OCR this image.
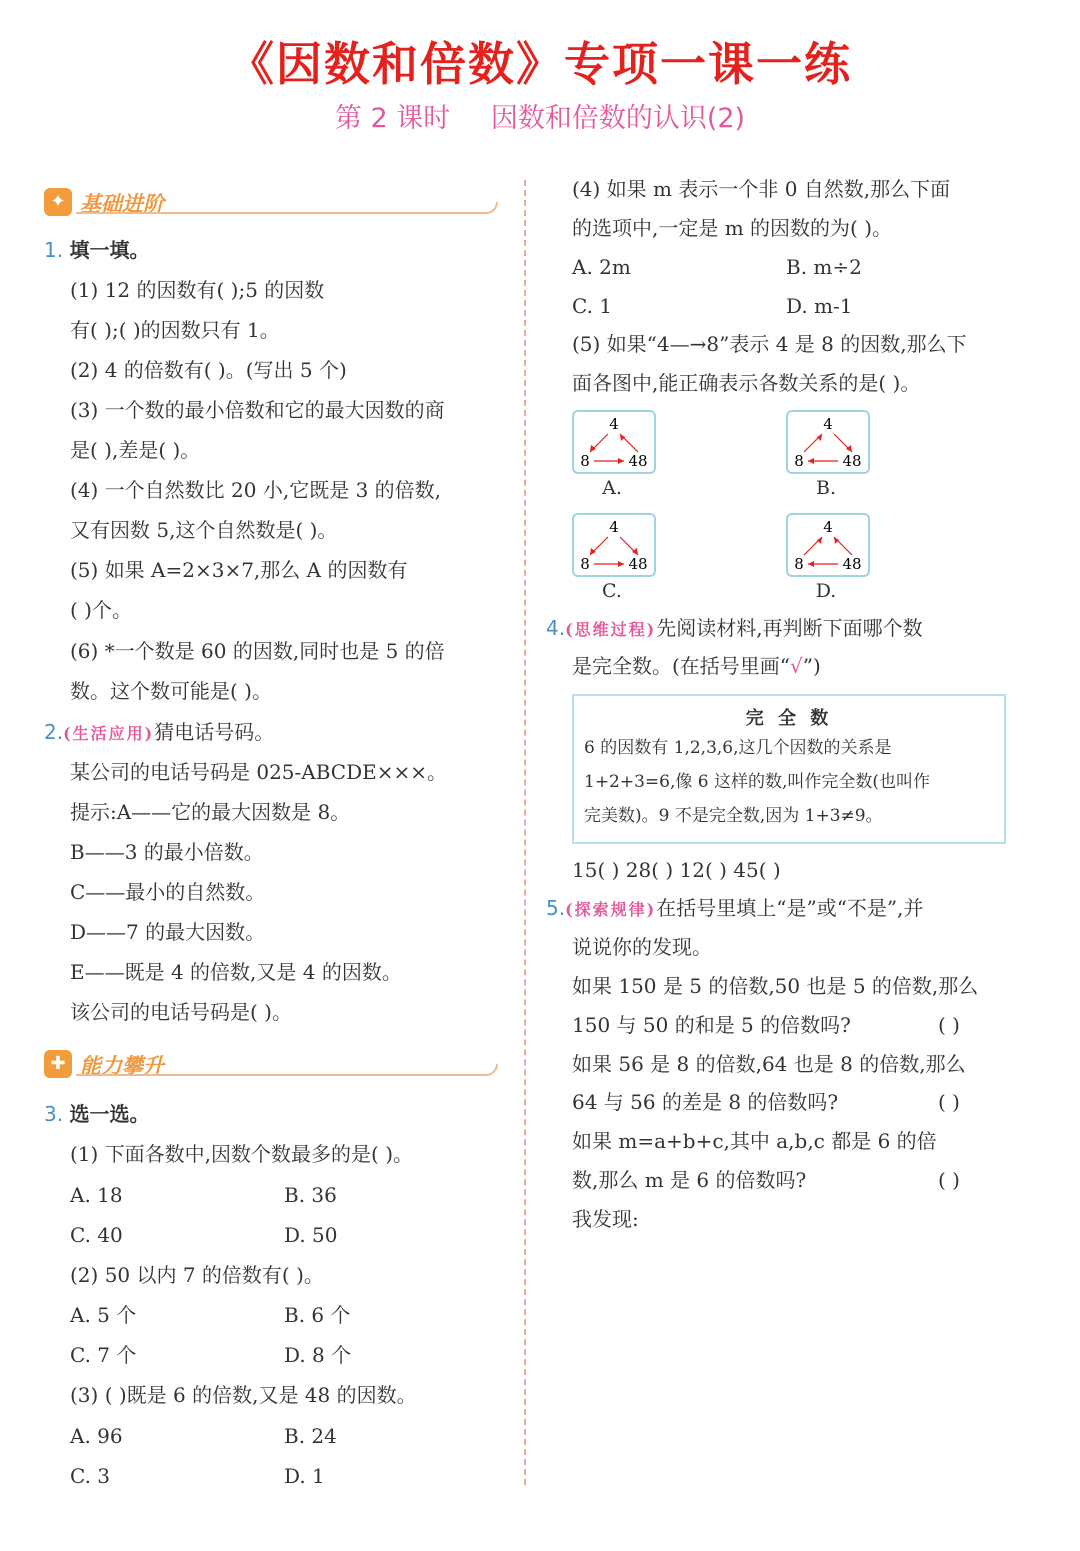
《因数和倍数》专项一课一练
第 2 课时 因数和倍数的认识(2)
✦ 基础进阶
1. 填一填。
(1) 12 的因数有( );5 的因数
有( );( )的因数只有 1。
(2) 4 的倍数有( )。(写出 5 个)
(3) 一个数的最小倍数和它的最大因数的商
是( ),差是( )。
(4) 一个自然数比 20 小,它既是 3 的倍数,
又有因数 5,这个自然数是( )。
(5) 如果 A=2×3×7,那么 A 的因数有
( )个。
(6) *一个数是 60 的因数,同时也是 5 的倍
数。这个数可能是( )。
2.(生活应用)猜电话号码。
某公司的电话号码是 025-ABCDE×××。
提示:A——它的最大因数是 8。
B——3 的最小倍数。
C——最小的自然数。
D——7 的最大因数。
E——既是 4 的倍数,又是 4 的因数。
该公司的电话号码是( )。
✚ 能力攀升
3. 选一选。
(1) 下面各数中,因数个数最多的是( )。
A. 18	B. 36
C. 40	D. 50
(2) 50 以内 7 的倍数有( )。
A. 5 个	B. 6 个
C. 7 个	D. 8 个
(3) ( )既是 6 的倍数,又是 48 的因数。
A. 96	B. 24
C. 3	D. 1
(4) 如果 m 表示一个非 0 自然数,那么下面
的选项中,一定是 m 的因数的为( )。
A. 2m	B. m÷2
C. 1	D. m-1
(5) 如果“4—→8”表示 4 是 8 的因数,那么下
面各图中,能正确表示各数关系的是( )。
4
8	48
A.
4
8	48
B.
4
8	48
C.
4
8	48
D.
4.(思维过程)先阅读材料,再判断下面哪个数
是完全数。(在括号里画“√”)
完 全 数
6 的因数有 1,2,3,6,这几个因数的关系是
1+2+3=6,像 6 这样的数,叫作完全数(也叫作
完美数)。9 不是完全数,因为 1+3≠9。
15( ) 28( ) 12( ) 45( )
5.(探索规律)在括号里填上“是”或“不是”,并
说说你的发现。
如果 150 是 5 的倍数,50 也是 5 的倍数,那么
150 与 50 的和是 5 的倍数吗?	( )
如果 56 是 8 的倍数,64 也是 8 的倍数,那么
64 与 56 的差是 8 的倍数吗?	( )
如果 m=a+b+c,其中 a,b,c 都是 6 的倍
数,那么 m 是 6 的倍数吗?	( )
我发现:
